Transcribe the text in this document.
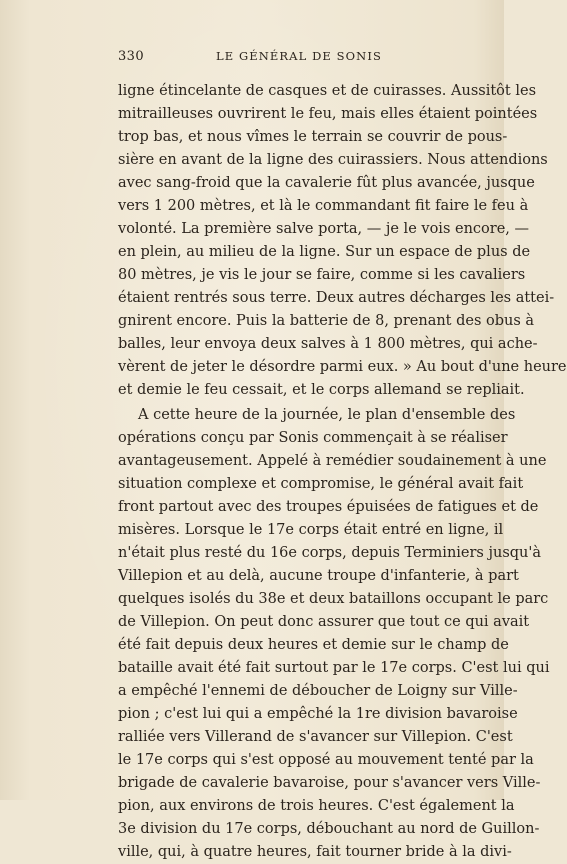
330	LE GÉNÉRAL DE SONIS
ligne étincelante de casques et de cuirasses. Aussitôt les
mitrailleuses ouvrirent le feu, mais elles étaient pointées
trop bas, et nous vîmes le terrain se couvrir de pous-
sière en avant de la ligne des cuirassiers. Nous attendions
avec sang-froid que la cavalerie fût plus avancée, jusque
vers 1 200 mètres, et là le commandant fit faire le feu à
volonté. La première salve porta, — je le vois encore, —
en plein, au milieu de la ligne. Sur un espace de plus de
80 mètres, je vis le jour se faire, comme si les cavaliers
étaient rentrés sous terre. Deux autres décharges les attei-
gnirent encore. Puis la batterie de 8, prenant des obus à
balles, leur envoya deux salves à 1 800 mètres, qui ache-
vèrent de jeter le désordre parmi eux. » Au bout d'une heure
et demie le feu cessait, et le corps allemand se repliait.
A cette heure de la journée, le plan d'ensemble des
opérations conçu par Sonis commençait à se réaliser
avantageusement. Appelé à remédier soudainement à une
situation complexe et compromise, le général avait fait
front partout avec des troupes épuisées de fatigues et de
misères. Lorsque le 17e corps était entré en ligne, il
n'était plus resté du 16e corps, depuis Terminiers jusqu'à
Villepion et au delà, aucune troupe d'infanterie, à part
quelques isolés du 38e et deux bataillons occupant le parc
de Villepion. On peut donc assurer que tout ce qui avait
été fait depuis deux heures et demie sur le champ de
bataille avait été fait surtout par le 17e corps. C'est lui qui
a empêché l'ennemi de déboucher de Loigny sur Ville-
pion ; c'est lui qui a empêché la 1re division bavaroise
ralliée vers Villerand de s'avancer sur Villepion. C'est
le 17e corps qui s'est opposé au mouvement tenté par la
brigade de cavalerie bavaroise, pour s'avancer vers Ville-
pion, aux environs de trois heures. C'est également la
3e division du 17e corps, débouchant au nord de Guillon-
ville, qui, à quatre heures, fait tourner bride à la divi-
